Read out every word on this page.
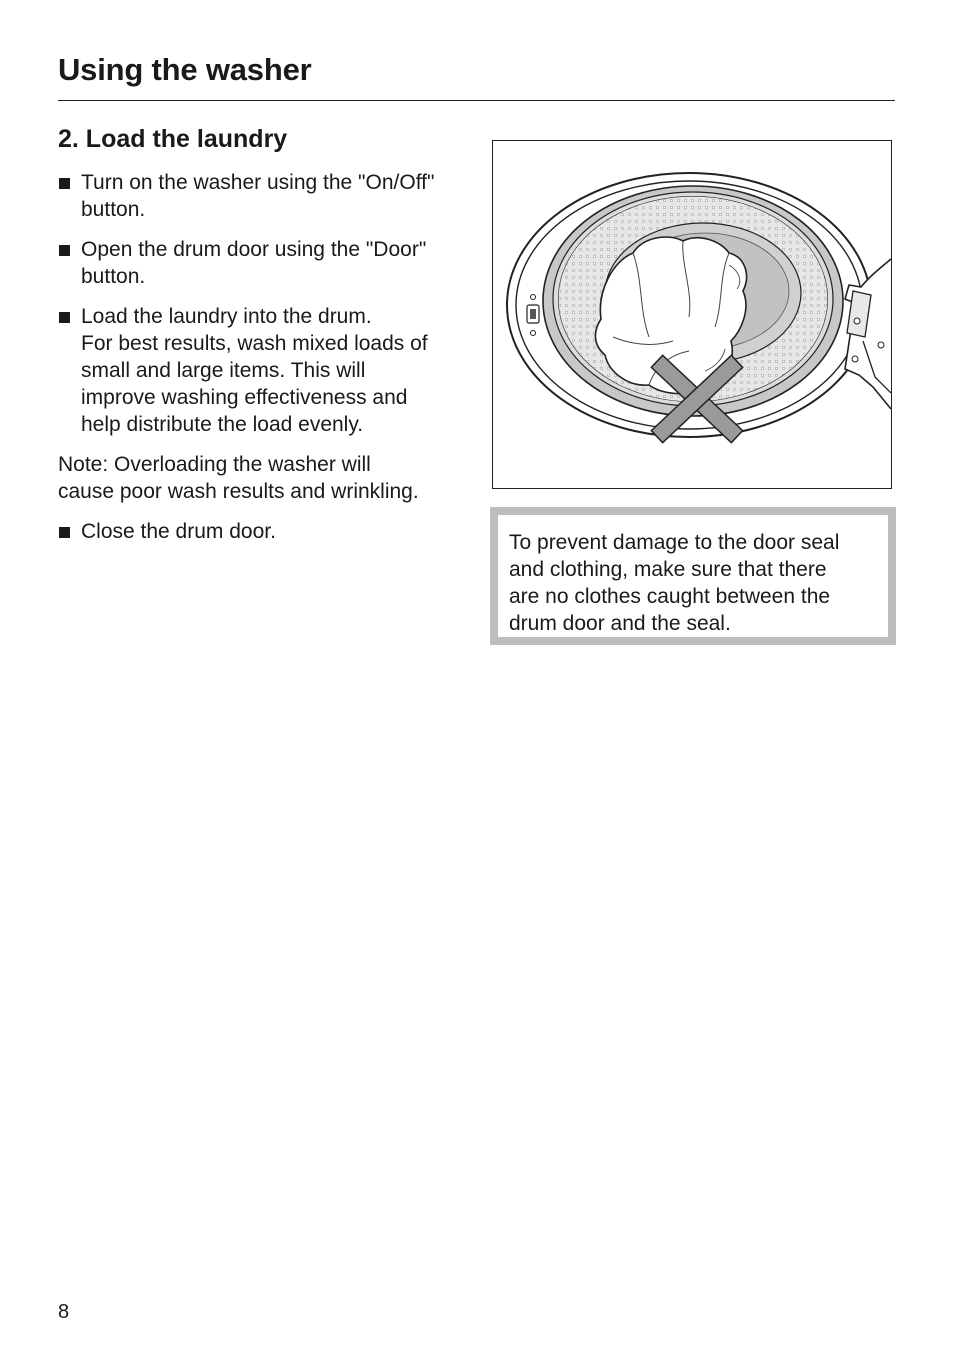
Using the washer
2. Load the laundry
Turn on the washer using the "On/Off"
button.
Open the drum door using the "Door"
button.
Load the laundry into the drum.
For best results, wash mixed loads of
small and large items. This will
improve washing effectiveness and
help distribute the load evenly.
Note: Overloading the washer will
cause poor wash results and wrinkling.
Close the drum door.	To prevent damage to the door seal
and clothing, make sure that there
are no clothes caught between the
drum door and the seal.
8
